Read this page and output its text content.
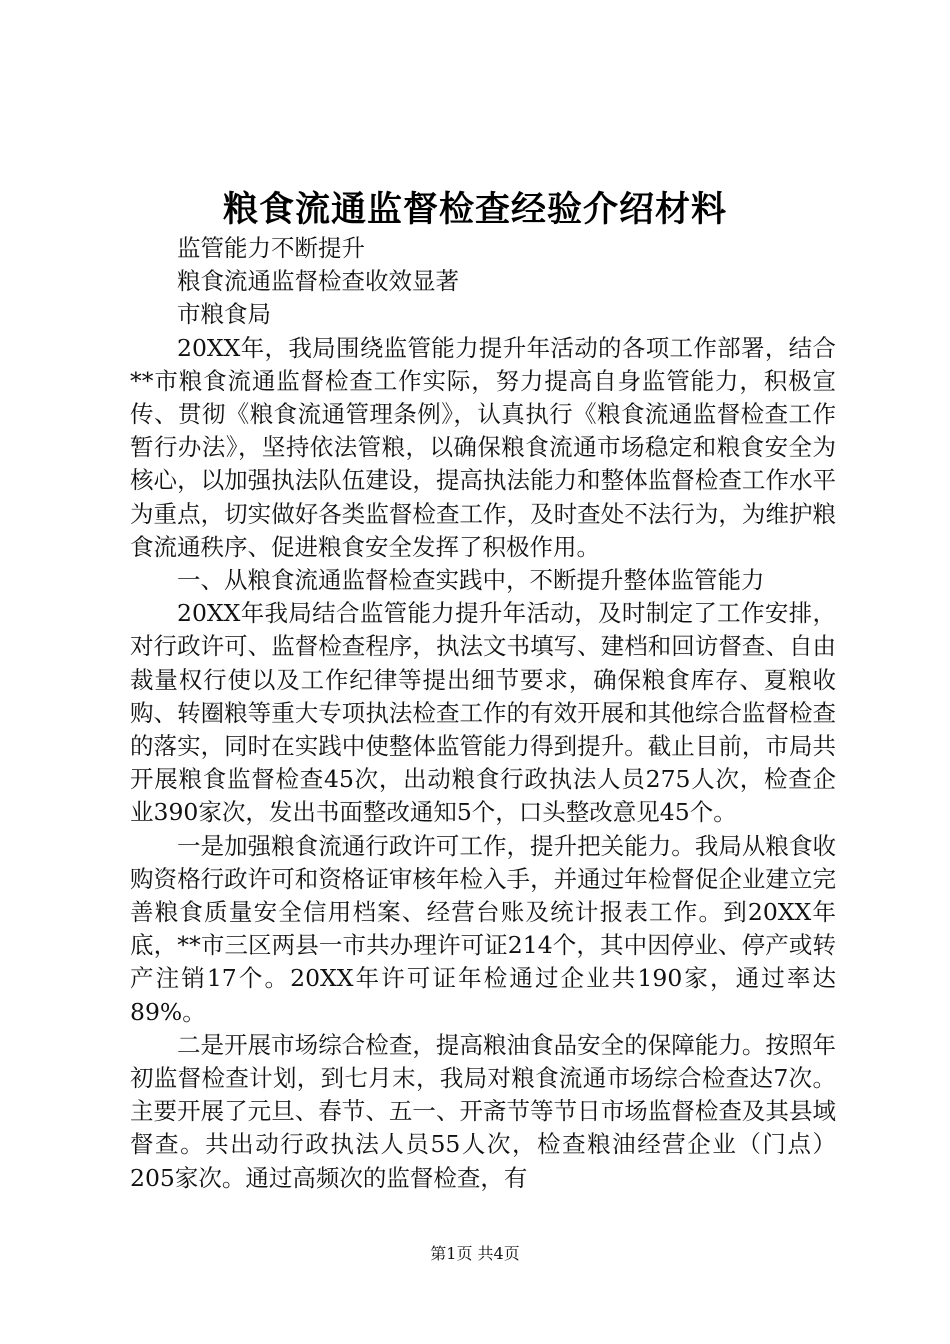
粮食流通监督检查经验介绍材料

监管能力不断提升

粮食流通监督检查收效显著

市粮食局

20XX年，我局围绕监管能力提升年活动的各项工作部署，结合**市粮食流通监督检查工作实际，努力提高自身监管能力，积极宣传、贯彻《粮食流通管理条例》，认真执行《粮食流通监督检查工作暂行办法》，坚持依法管粮，以确保粮食流通市场稳定和粮食安全为核心，以加强执法队伍建设，提高执法能力和整体监督检查工作水平为重点，切实做好各类监督检查工作，及时查处不法行为，为维护粮食流通秩序、促进粮食安全发挥了积极作用。

一、从粮食流通监督检查实践中，不断提升整体监管能力

20XX年我局结合监管能力提升年活动，及时制定了工作安排，对行政许可、监督检查程序，执法文书填写、建档和回访督查、自由裁量权行使以及工作纪律等提出细节要求，确保粮食库存、夏粮收购、转圈粮等重大专项执法检查工作的有效开展和其他综合监督检查的落实，同时在实践中使整体监管能力得到提升。截止目前，市局共开展粮食监督检查45次，出动粮食行政执法人员275人次，检查企业390家次，发出书面整改通知5个，口头整改意见45个。

一是加强粮食流通行政许可工作，提升把关能力。我局从粮食收购资格行政许可和资格证审核年检入手，并通过年检督促企业建立完善粮食质量安全信用档案、经营台账及统计报表工作。到20XX年底，**市三区两县一市共办理许可证214个，其中因停业、停产或转产注销17个。20XX年许可证年检通过企业共190家，通过率达89%。

二是开展市场综合检查，提高粮油食品安全的保障能力。按照年初监督检查计划，到七月末，我局对粮食流通市场综合检查达7次。主要开展了元旦、春节、五一、开斋节等节日市场监督检查及其县域督查。共出动行政执法人员55人次，检查粮油经营企业（门点）205家次。通过高频次的监督检查，有

第1页 共4页
